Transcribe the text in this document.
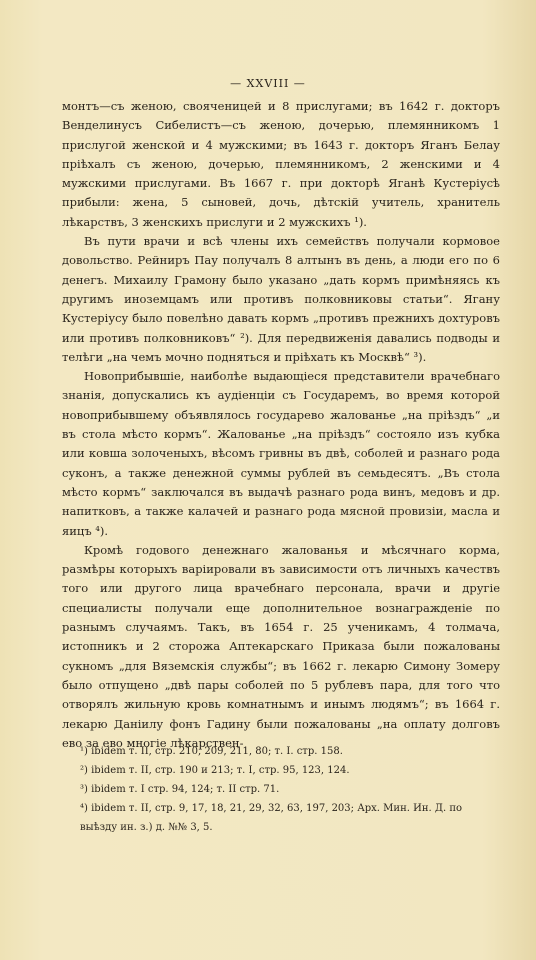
— XXVIII —

монтъ—съ женою, свояченицей и 8 прислугами; въ 1642 г. докторъ Венделинусъ Сибелистъ—съ женою, дочерью, племянникомъ 1 прислугой женской и 4 мужскими; въ 1643 г. докторъ Яганъ Белау пріѣхалъ съ женою, дочерью, племянникомъ, 2 женскими и 4 мужскими прислугами. Въ 1667 г. при докторѣ Яганѣ Кустеріусѣ прибыли: жена, 5 сыновей, дочь, дѣтскій учитель, хранитель лѣкарствъ, 3 женскихъ прислуги и 2 мужскихъ ¹).

Въ пути врачи и всѣ члены ихъ семействъ получали кормовое довольство. Рейниръ Пау получалъ 8 алтынъ въ день, а люди его по 6 денегъ. Михаилу Грамону было указано „дать кормъ примѣняясь къ другимъ иноземцамъ или противъ полковниковы статьи“. Ягану Кустеріусу было повелѣно давать кормъ „противъ прежнихъ дохтуровъ или противъ полковниковъ“ ²). Для передвиженія давались подводы и телѣги „на чемъ мочно подняться и пріѣхать къ Москвѣ“ ³).

Новоприбывшіе, наиболѣе выдающіеся представители врачебнаго знанія, допускались къ аудіенціи съ Государемъ, во время которой новоприбывшему объявлялось государево жалованье „на пріѣздъ“ „и въ стола мѣсто кормъ“. Жалованье „на пріѣздъ“ состояло изъ кубка или ковша золоченыхъ, вѣсомъ гривны въ двѣ, соболей и разнаго рода суконъ, а также денежной суммы рублей въ семьдесятъ. „Въ стола мѣсто кормъ“ заключался въ выдачѣ разнаго рода винъ, медовъ и др. напитковъ, а также калачей и разнаго рода мясной провизіи, масла и яицъ ⁴).

Кромѣ годового денежнаго жалованья и мѣсячнаго корма, размѣры которыхъ варіировали въ зависимости отъ личныхъ качествъ того или другого лица врачебнаго персонала, врачи и другіе специалисты получали еще дополнительное вознагражденіе по разнымъ случаямъ. Такъ, въ 1654 г. 25 ученикамъ, 4 толмача, истопникъ и 2 сторожа Аптекарскаго Приказа были пожалованы сукномъ „для Вяземскія службы“; въ 1662 г. лекарю Симону Зомеру было отпущено „двѣ пары соболей по 5 рублевъ пара, для того что отворялъ жильную кровь комнатнымъ и инымъ людямъ“; въ 1664 г. лекарю Даніилу фонъ Гадину были пожалованы „на оплату долговъ ево за ево многіе лѣкарствен-

¹) ibidem т. II, стр. 210, 209, 211, 80; т. I. стр. 158.
²) ibidem т. II, стр. 190 и 213; т. I, стр. 95, 123, 124.
³) ibidem т. I стр. 94, 124; т. II стр. 71.
⁴) ibidem т. II, стр. 9, 17, 18, 21, 29, 32, 63, 197, 203; Арх. Мин. Ин. Д. по выѣзду ин. з.) д. №№ 3, 5.
